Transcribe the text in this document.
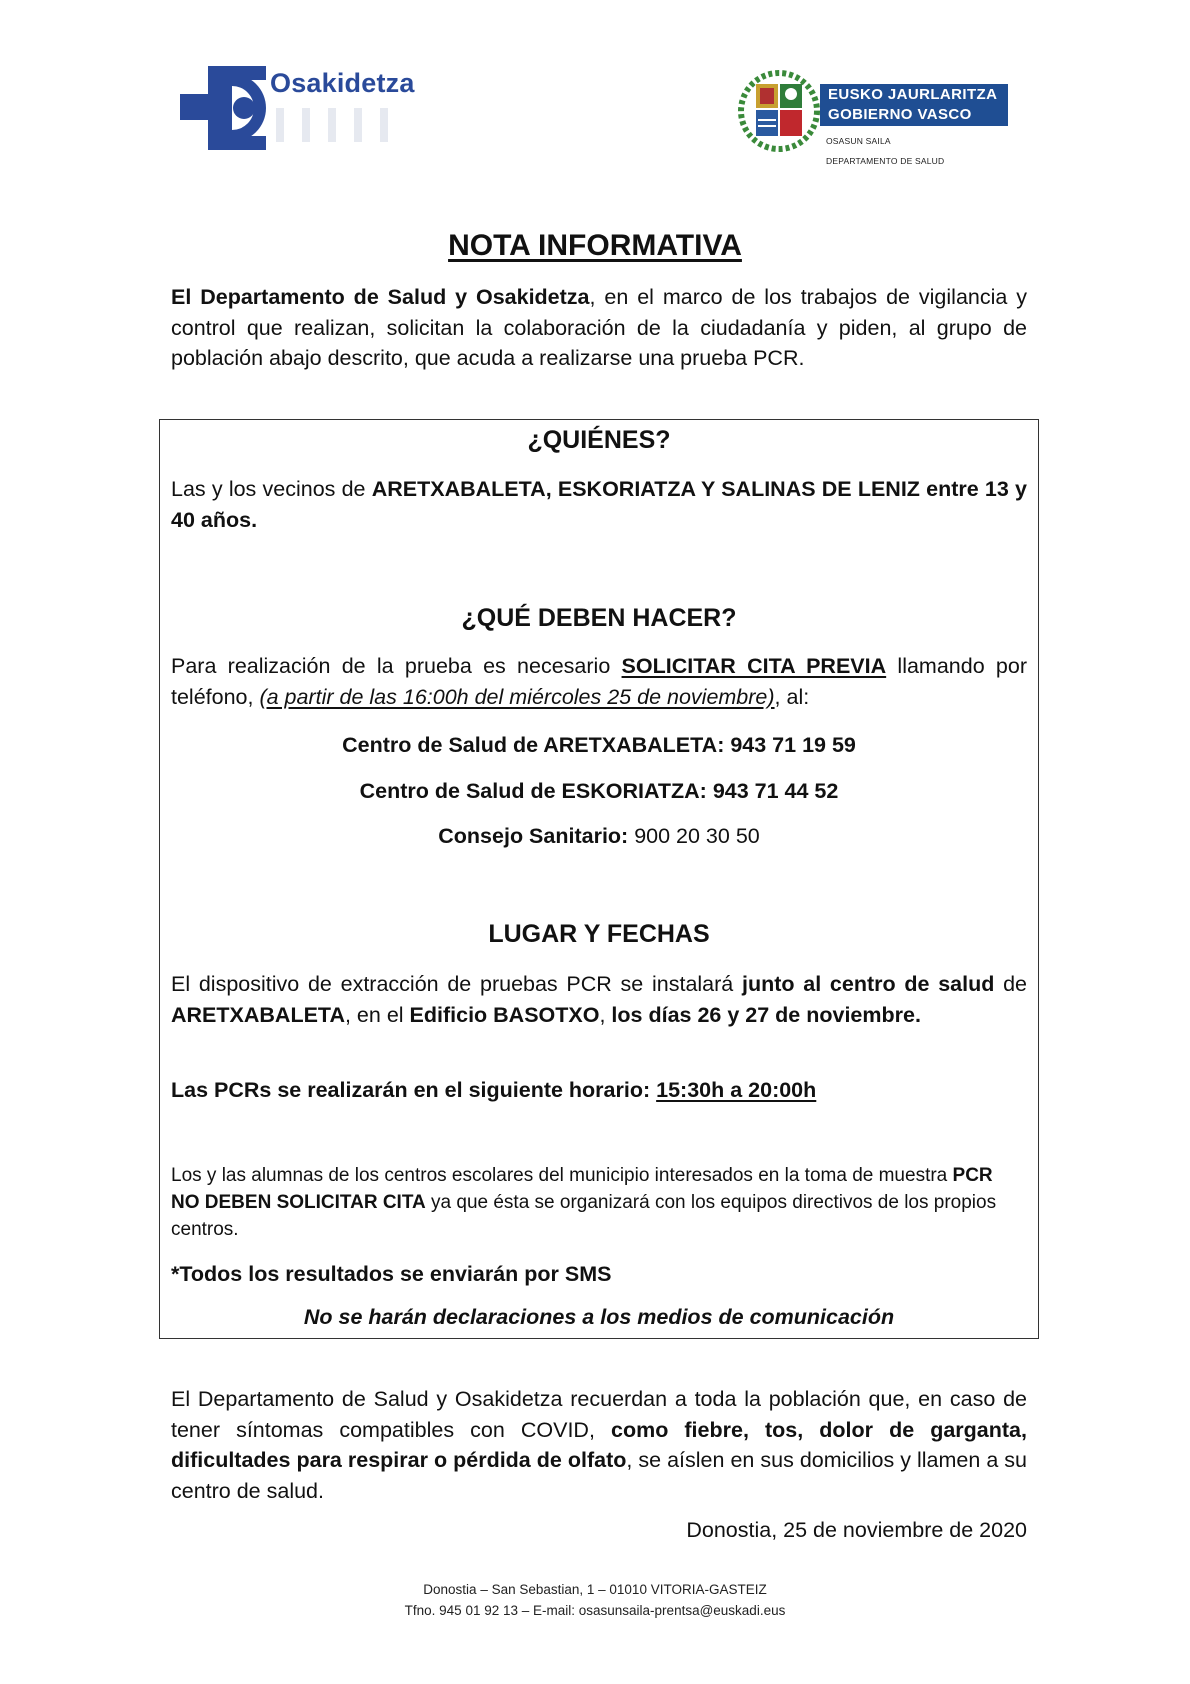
Osakidetza	EUSKO JAURLARITZA
GOBIERNO VASCO
OSASUN SAILA
DEPARTAMENTO DE SALUD
NOTA INFORMATIVA
El Departamento de Salud y Osakidetza, en el marco de los trabajos de vigilancia y control que realizan, solicitan la colaboración de la ciudadanía y piden, al grupo de población abajo descrito, que acuda a realizarse una prueba PCR.
¿QUIÉNES?
Las y los vecinos de ARETXABALETA, ESKORIATZA Y SALINAS DE LENIZ entre 13 y 40 años.
¿QUÉ DEBEN HACER?
Para realización de la prueba es necesario SOLICITAR CITA PREVIA llamando por teléfono, (a partir de las 16:00h del miércoles 25 de noviembre), al:
Centro de Salud de ARETXABALETA: 943 71 19 59
Centro de Salud de ESKORIATZA: 943 71 44 52
Consejo Sanitario: 900 20 30 50
LUGAR Y FECHAS
El dispositivo de extracción de pruebas PCR se instalará junto al centro de salud de ARETXABALETA, en el Edificio BASOTXO, los días 26 y 27 de noviembre.
Las PCRs se realizarán en el siguiente horario: 15:30h a 20:00h
Los y las alumnas de los centros escolares del municipio interesados en la toma de muestra PCR NO DEBEN SOLICITAR CITA ya que ésta se organizará con los equipos directivos de los propios centros.
*Todos los resultados se enviarán por SMS
No se harán declaraciones a los medios de comunicación
El Departamento de Salud y Osakidetza recuerdan a toda la población que, en caso de tener síntomas compatibles con COVID, como fiebre, tos, dolor de garganta, dificultades para respirar o pérdida de olfato, se aíslen en sus domicilios y llamen a su centro de salud.
Donostia, 25 de noviembre de 2020
Donostia – San Sebastian, 1 – 01010 VITORIA-GASTEIZ
Tfno. 945 01 92 13 – E-mail: osasunsaila-prentsa@euskadi.eus
